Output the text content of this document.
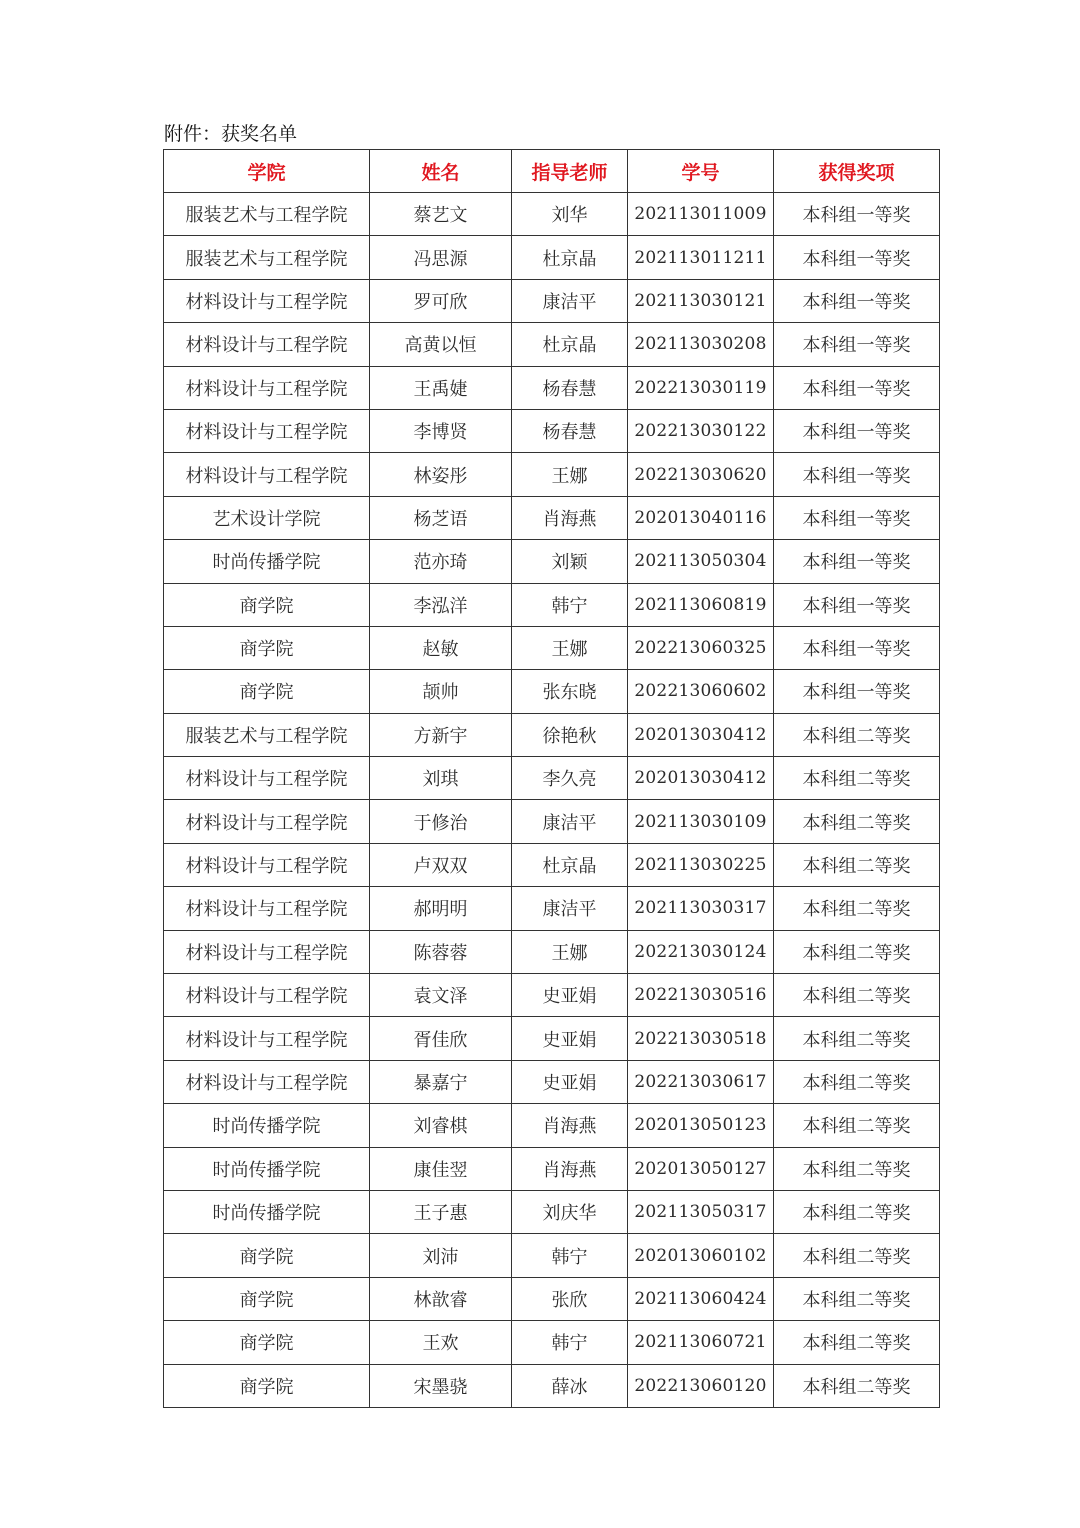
附件：获奖名单
学院	姓名	指导老师	学号	获得奖项
服装艺术与工程学院	蔡艺文	刘华	202113011009	本科组一等奖
服装艺术与工程学院	冯思源	杜京晶	202113011211	本科组一等奖
材料设计与工程学院	罗可欣	康洁平	202113030121	本科组一等奖
材料设计与工程学院	高黄以恒	杜京晶	202113030208	本科组一等奖
材料设计与工程学院	王禹婕	杨春慧	202213030119	本科组一等奖
材料设计与工程学院	李博贤	杨春慧	202213030122	本科组一等奖
材料设计与工程学院	林姿彤	王娜	202213030620	本科组一等奖
艺术设计学院	杨芝语	肖海燕	202013040116	本科组一等奖
时尚传播学院	范亦琦	刘颖	202113050304	本科组一等奖
商学院	李泓洋	韩宁	202113060819	本科组一等奖
商学院	赵敏	王娜	202213060325	本科组一等奖
商学院	颉帅	张东晓	202213060602	本科组一等奖
服装艺术与工程学院	方新宇	徐艳秋	202013030412	本科组二等奖
材料设计与工程学院	刘琪	李久亮	202013030412	本科组二等奖
材料设计与工程学院	于修治	康洁平	202113030109	本科组二等奖
材料设计与工程学院	卢双双	杜京晶	202113030225	本科组二等奖
材料设计与工程学院	郝明明	康洁平	202113030317	本科组二等奖
材料设计与工程学院	陈蓉蓉	王娜	202213030124	本科组二等奖
材料设计与工程学院	袁文泽	史亚娟	202213030516	本科组二等奖
材料设计与工程学院	胥佳欣	史亚娟	202213030518	本科组二等奖
材料设计与工程学院	暴嘉宁	史亚娟	202213030617	本科组二等奖
时尚传播学院	刘睿棋	肖海燕	202013050123	本科组二等奖
时尚传播学院	康佳翌	肖海燕	202013050127	本科组二等奖
时尚传播学院	王子惠	刘庆华	202113050317	本科组二等奖
商学院	刘沛	韩宁	202013060102	本科组二等奖
商学院	林歆睿	张欣	202113060424	本科组二等奖
商学院	王欢	韩宁	202113060721	本科组二等奖
商学院	宋墨骁	薛冰	202213060120	本科组二等奖
